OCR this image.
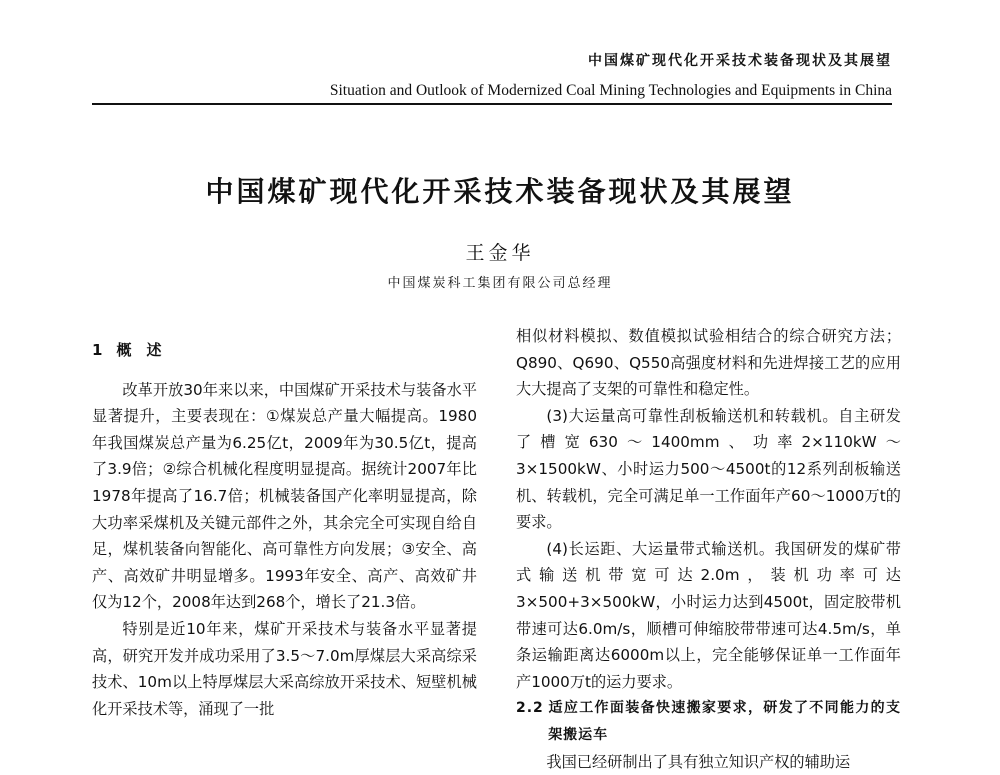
中国煤矿现代化开采技术装备现状及其展望
Situation and Outlook of Modernized Coal Mining Technologies and Equipments in China
中国煤矿现代化开采技术装备现状及其展望
王金华
中国煤炭科工集团有限公司总经理

1 概　述

改革开放30年来以来，中国煤矿开采技术与装备水平显著提升，主要表现在：①煤炭总产量大幅提高。1980年我国煤炭总产量为6.25亿t，2009年为30.5亿t，提高了3.9倍；②综合机械化程度明显提高。据统计2007年比1978年提高了16.7倍；机械装备国产化率明显提高，除大功率采煤机及关键元部件之外，其余完全可实现自给自足，煤机装备向智能化、高可靠性方向发展；③安全、高产、高效矿井明显增多。1993年安全、高产、高效矿井仅为12个，2008年达到268个，增长了21.3倍。

特别是近10年来，煤矿开采技术与装备水平显著提高，研究开发并成功采用了3.5～7.0m厚煤层大采高综采技术、10m以上特厚煤层大采高综放开采技术、短壁机械化开采技术等，涌现了一批

相似材料模拟、数值模拟试验相结合的综合研究方法；Q890、Q690、Q550高强度材料和先进焊接工艺的应用大大提高了支架的可靠性和稳定性。

(3)大运量高可靠性刮板输送机和转载机。自主研发了槽宽630～1400mm、功率2×110kW～3×1500kW、小时运力500～4500t的12系列刮板输送机、转载机，完全可满足单一工作面年产60～1000万t的要求。

(4)长运距、大运量带式输送机。我国研发的煤矿带式输送机带宽可达2.0m，装机功率可达3×500+3×500kW，小时运力达到4500t，固定胶带机带速可达6.0m/s，顺槽可伸缩胶带带速可达4.5m/s，单条运输距离达6000m以上，完全能够保证单一工作面年产1000万t的运力要求。

2.2 适应工作面装备快速搬家要求，研发了不同能力的支架搬运车

我国已经研制出了具有独立知识产权的辅助运
